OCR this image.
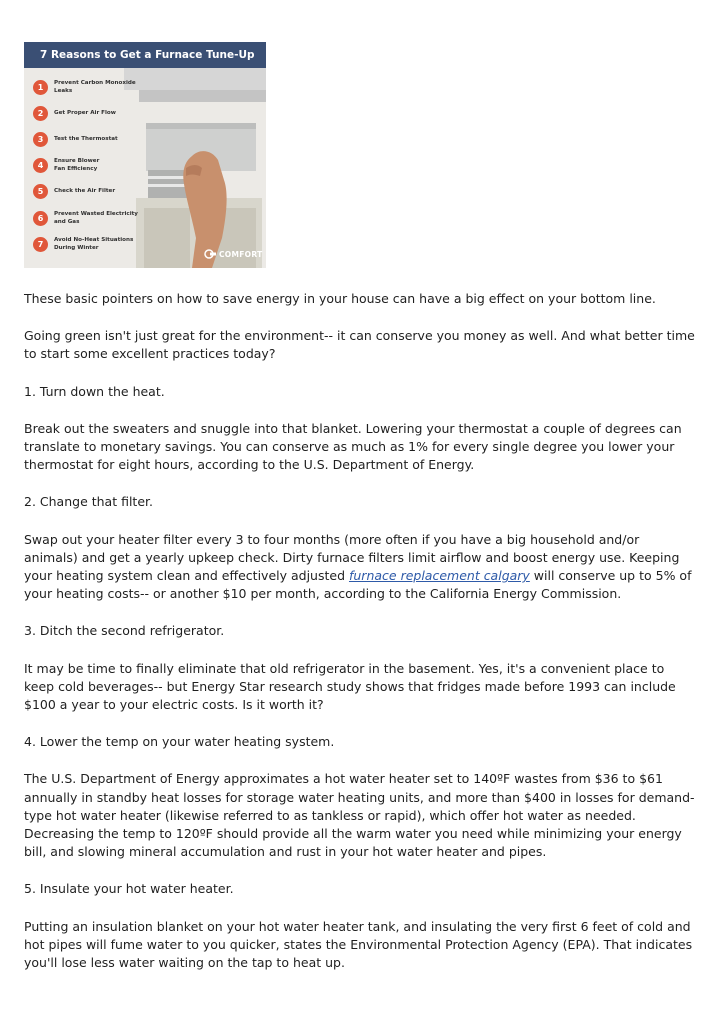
7 Reasons to Get a Furnace Tune-Up
1	Prevent Carbon Monoxide Leaks
2	Get Proper Air Flow
3	Test the Thermostat
4	Ensure Blower
Fan Efficiency
5	Check the Air Filter
6	Prevent Wasted Electricity
and Gas
7	Avoid No-Heat Situations
During Winter
COMFORT

These basic pointers on how to save energy in your house can have a big effect on your bottom line.

Going green isn't just great for the environment-- it can conserve you money as well. And what better time to start some excellent practices today?

1. Turn down the heat.

Break out the sweaters and snuggle into that blanket. Lowering your thermostat a couple of degrees can translate to monetary savings. You can conserve as much as 1% for every single degree you lower your thermostat for eight hours, according to the U.S. Department of Energy.

2. Change that filter.

Swap out your heater filter every 3 to four months (more often if you have a big household and/or animals) and get a yearly upkeep check. Dirty furnace filters limit airflow and boost energy use. Keeping your heating system clean and effectively adjusted furnace replacement calgary will conserve up to 5% of your heating costs-- or another $10 per month, according to the California Energy Commission.

3. Ditch the second refrigerator.

It may be time to finally eliminate that old refrigerator in the basement. Yes, it's a convenient place to keep cold beverages-- but Energy Star research study shows that fridges made before 1993 can include $100 a year to your electric costs. Is it worth it?

4. Lower the temp on your water heating system.

The U.S. Department of Energy approximates a hot water heater set to 140ºF wastes from $36 to $61 annually in standby heat losses for storage water heating units, and more than $400 in losses for demand-type hot water heater (likewise referred to as tankless or rapid), which offer hot water as needed. Decreasing the temp to 120ºF should provide all the warm water you need while minimizing your energy bill, and slowing mineral accumulation and rust in your hot water heater and pipes.

5. Insulate your hot water heater.

Putting an insulation blanket on your hot water heater tank, and insulating the very first 6 feet of cold and hot pipes will fume water to you quicker, states the Environmental Protection Agency (EPA). That indicates you'll lose less water waiting on the tap to heat up.
